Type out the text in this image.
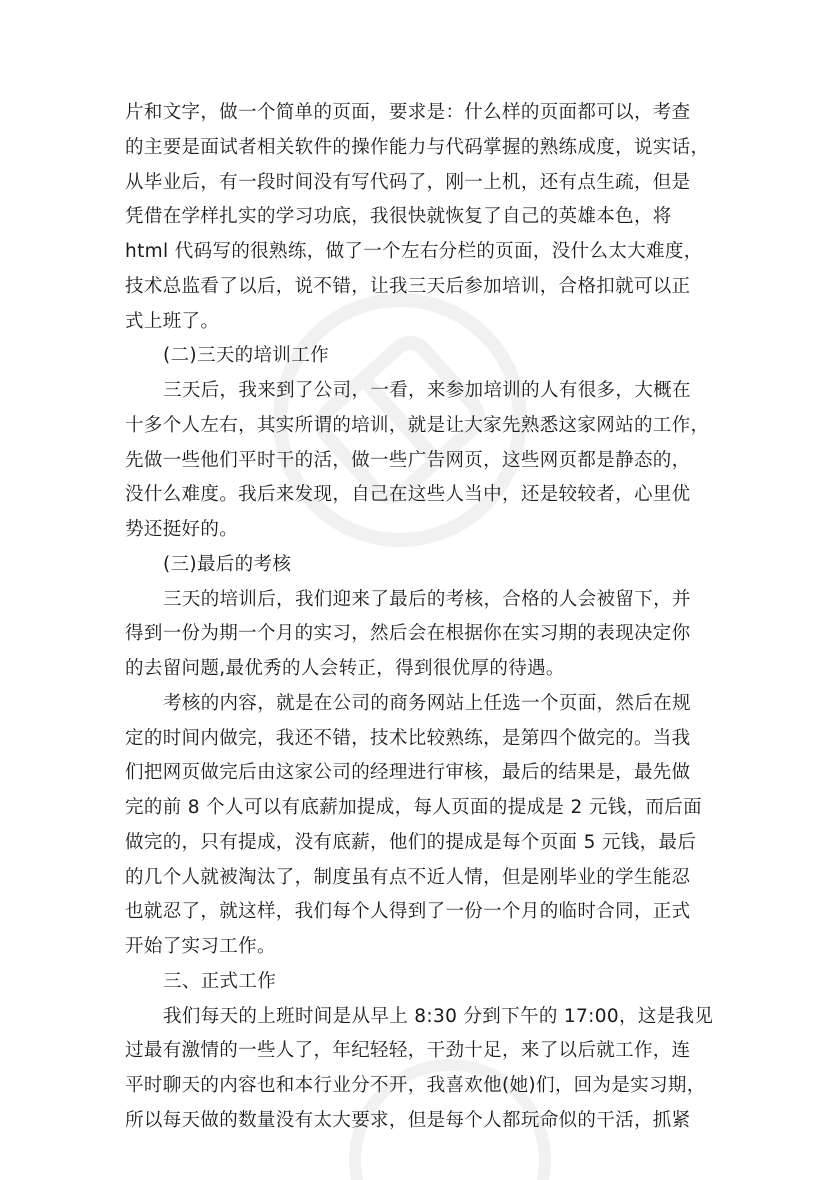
片和文字，做一个简单的页面，要求是：什么样的页面都可以，考查
的主要是面试者相关软件的操作能力与代码掌握的熟练成度，说实话，
从毕业后，有一段时间没有写代码了，刚一上机，还有点生疏，但是
凭借在学样扎实的学习功底，我很快就恢复了自己的英雄本色，将
html 代码写的很熟练，做了一个左右分栏的页面，没什么太大难度，
技术总监看了以后，说不错，让我三天后参加培训，合格扣就可以正
式上班了。
(二)三天的培训工作
三天后，我来到了公司，一看，来参加培训的人有很多，大概在
十多个人左右，其实所谓的培训，就是让大家先熟悉这家网站的工作，
先做一些他们平时干的活，做一些广告网页，这些网页都是静态的，
没什么难度。我后来发现，自己在这些人当中，还是较较者，心里优
势还挺好的。
(三)最后的考核
三天的培训后，我们迎来了最后的考核，合格的人会被留下，并
得到一份为期一个月的实习，然后会在根据你在实习期的表现决定你
的去留问题,最优秀的人会转正，得到很优厚的待遇。
考核的内容，就是在公司的商务网站上任选一个页面，然后在规
定的时间内做完，我还不错，技术比较熟练，是第四个做完的。当我
们把网页做完后由这家公司的经理进行审核，最后的结果是，最先做
完的前 8 个人可以有底薪加提成，每人页面的提成是 2 元钱，而后面
做完的，只有提成，没有底薪，他们的提成是每个页面 5 元钱，最后
的几个人就被淘汰了，制度虽有点不近人情，但是刚毕业的学生能忍
也就忍了，就这样，我们每个人得到了一份一个月的临时合同，正式
开始了实习工作。
三、正式工作
我们每天的上班时间是从早上 8:30 分到下午的 17:00，这是我见
过最有激情的一些人了，年纪轻轻，干劲十足，来了以后就工作，连
平时聊天的内容也和本行业分不开，我喜欢他(她)们，回为是实习期，
所以每天做的数量没有太大要求，但是每个人都玩命似的干活，抓紧
